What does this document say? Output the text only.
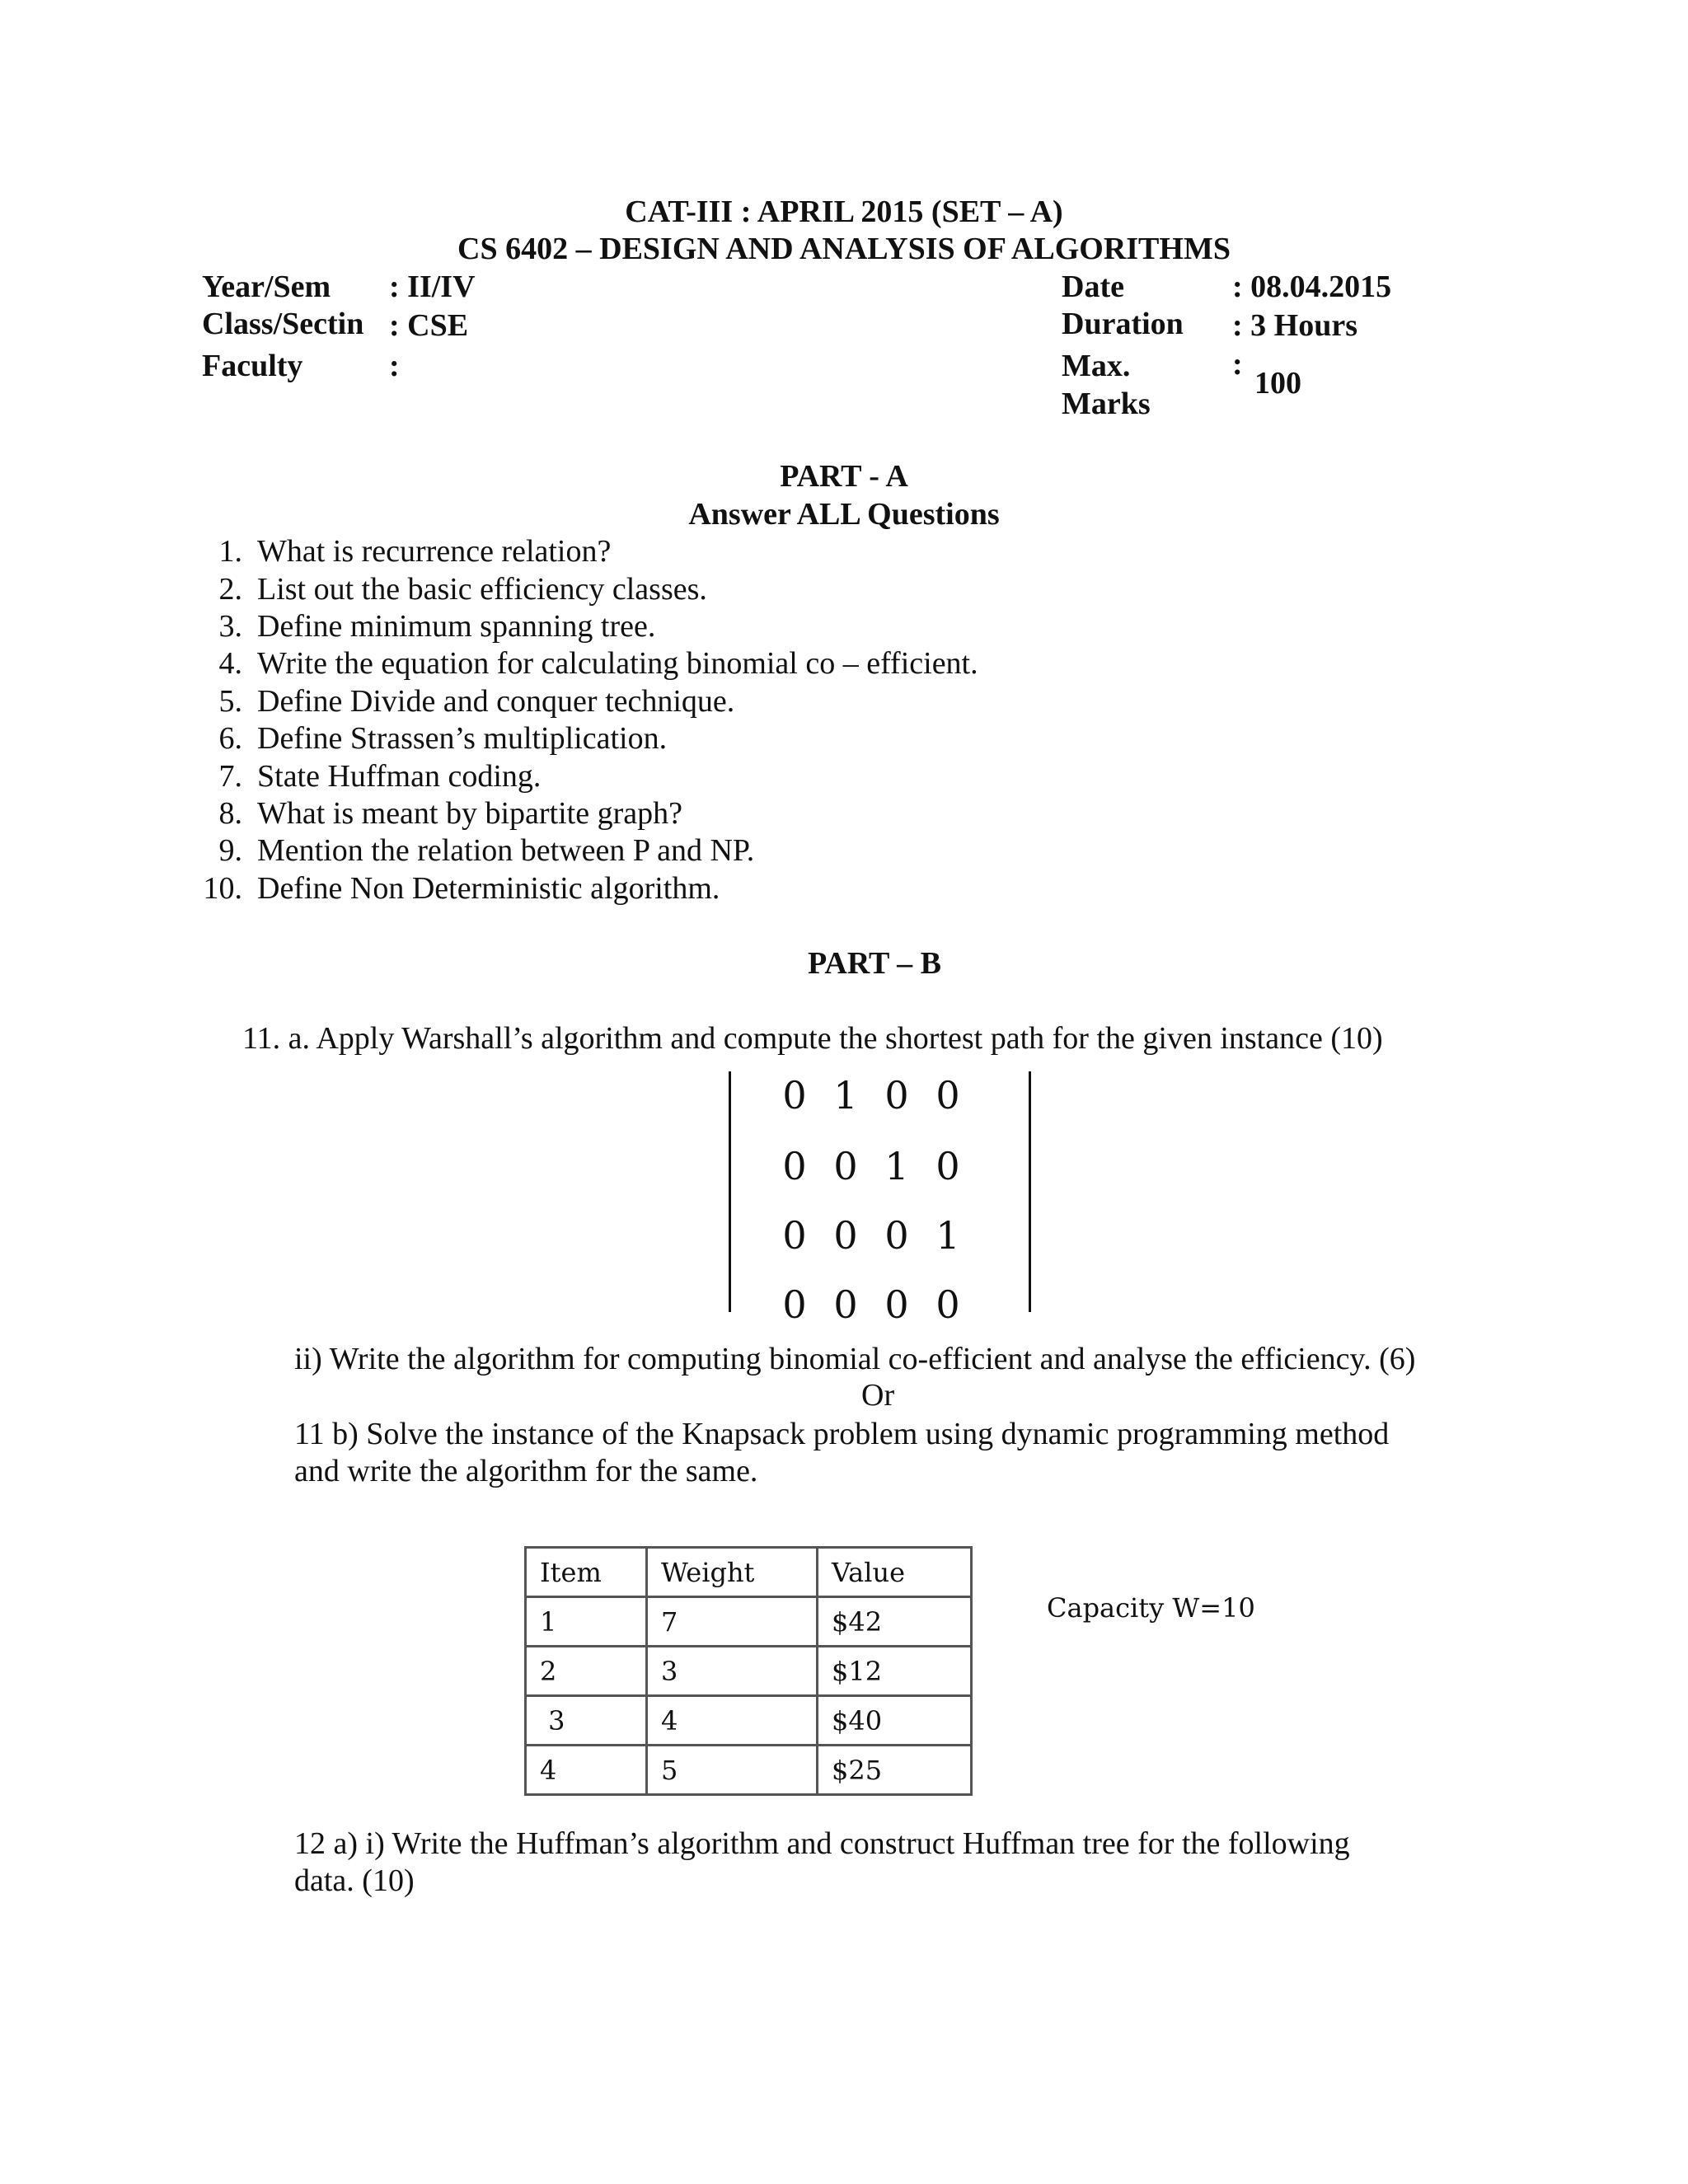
CAT-III : APRIL 2015 (SET – A)
CS 6402 – DESIGN AND ANALYSIS OF ALGORITHMS
Year/Sem : II/IV
Class/Sectin : CSE
Faculty	:
Date	: 08.04.2015
Duration : 3 Hours
Max.
Marks
:
100
PART - A
Answer ALL Questions
1. What is recurrence relation?
2. List out the basic efficiency classes.
3. Define minimum spanning tree.
4. Write the equation for calculating binomial co – efficient.
5. Define Divide and conquer technique.
6. Define Strassen’s multiplication.
7. State Huffman coding.
8. What is meant by bipartite graph?
9. Mention the relation between P and NP.
10. Define Non Deterministic algorithm.
PART – B
11. a. Apply Warshall’s algorithm and compute the shortest path for the given instance (10)
0 1 0 0
0 0 1 0
0 0 0 1
0 0 0 0
ii) Write the algorithm for computing binomial co-efficient and analyse the efficiency. (6)
Or
11 b) Solve the instance of the Knapsack problem using dynamic programming method
and write the algorithm for the same.
Item	Weight	Value
1	7	$42
2	3	$12
3	4	$40
4	5	$25
Capacity W=10
12 a) i) Write the Huffman’s algorithm and construct Huffman tree for the following
data. (10)
